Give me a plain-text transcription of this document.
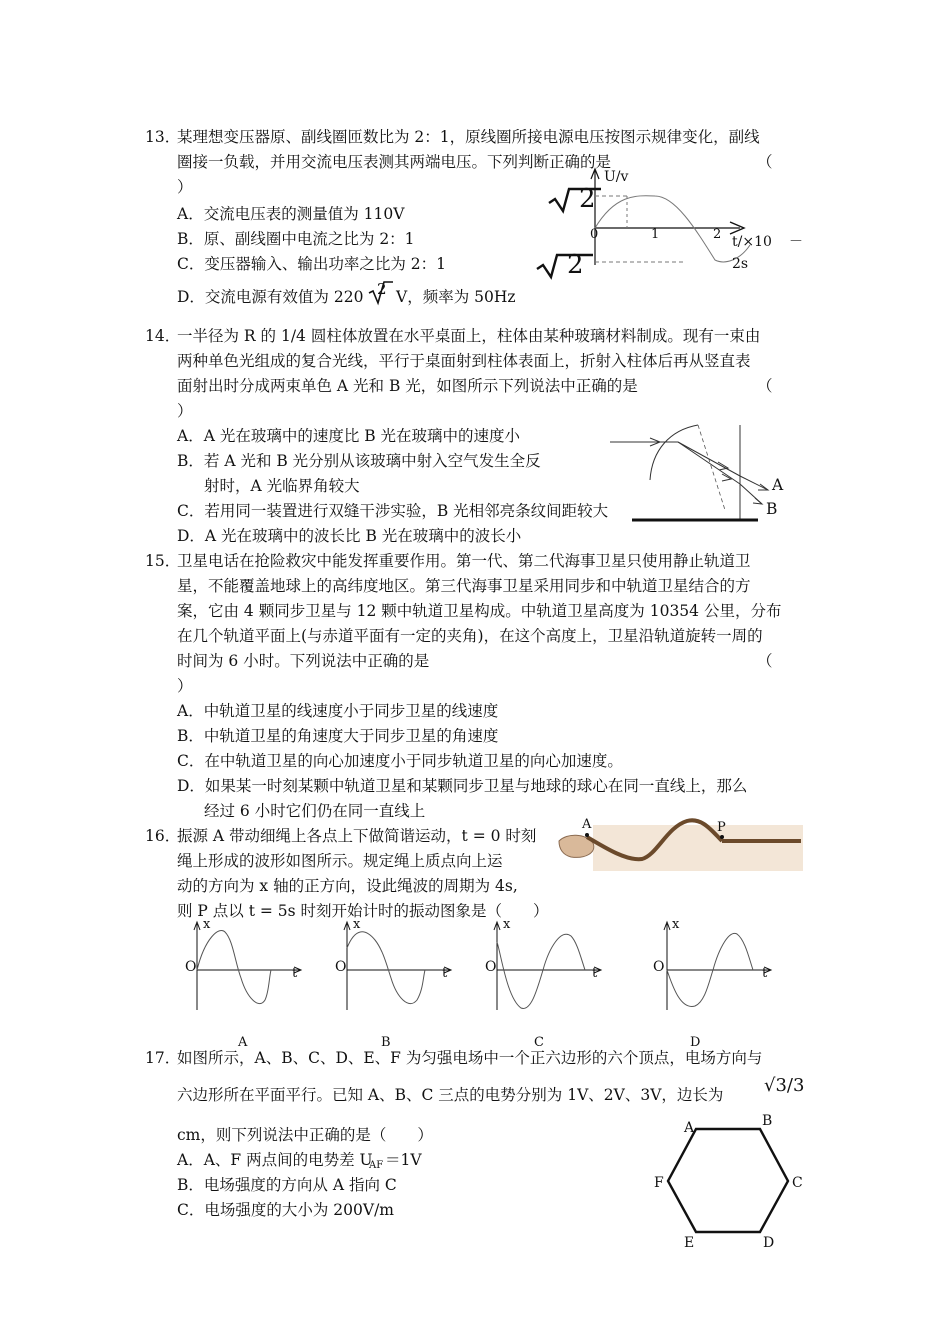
13．
某理想变压器原、副线圈匝数比为 2：1，原线圈所接电源电压按图示规律变化，副线
圈接一负载，并用交流电压表测其两端电压。下列判断正确的是	（
）
A．交流电压表的测量值为 110V
B．原、副线圈中电流之比为 2：1
C．变压器输入、输出功率之比为 2：1
D．交流电源有效值为 220 2 V，频率为 50Hz
2
2
U/v
0	1	2 t/×10 －
2s
14．
一半径为 R 的 1/4 圆柱体放置在水平桌面上，柱体由某种玻璃材料制成。现有一束由
两种单色光组成的复合光线，平行于桌面射到柱体表面上，折射入柱体后再从竖直表
面射出时分成两束单色 A 光和 B 光，如图所示下列说法中正确的是	（
）
A．A 光在玻璃中的速度比 B 光在玻璃中的速度小
B．若 A 光和 B 光分别从该玻璃中射入空气发生全反
射时，A 光临界角较大
C．若用同一装置进行双缝干涉实验，B 光相邻亮条纹间距较大
D．A 光在玻璃中的波长比 B 光在玻璃中的波长小
A
B
15．
卫星电话在抢险救灾中能发挥重要作用。第一代、第二代海事卫星只使用静止轨道卫
星，不能覆盖地球上的高纬度地区。第三代海事卫星采用同步和中轨道卫星结合的方
案，它由 4 颗同步卫星与 12 颗中轨道卫星构成。中轨道卫星高度为 10354 公里，分布
在几个轨道平面上(与赤道平面有一定的夹角)，在这个高度上，卫星沿轨道旋转一周的
时间为 6 小时。下列说法中正确的是	（
）
A．中轨道卫星的线速度小于同步卫星的线速度
B．中轨道卫星的角速度大于同步卫星的角速度
C．在中轨道卫星的向心加速度小于同步轨道卫星的向心加速度。
D．如果某一时刻某颗中轨道卫星和某颗同步卫星与地球的球心在同一直线上，那么
经过 6 小时它们仍在同一直线上
16．
振源 A 带动细绳上各点上下做简谐运动，t = 0 时刻
绳上形成的波形如图所示。规定绳上质点向上运
动的方向为 x 轴的正方向，设此绳波的周期为 4s,
则 P 点以 t = 5s 时刻开始计时的振动图象是（　　）
A	P
x
O	t
A
x
O	t
B
x
O	t
C
x
O	t
D
17．
如图所示，A、B、C、D、E、F 为匀强电场中一个正六边形的六个顶点，电场方向与
六边形所在平面平行。已知 A、B、C 三点的电势分别为 1V、2V、3V，边长为 √3/3
cm，则下列说法中正确的是（　　）
A．A、F 两点间的电势差 U
AF ＝1V
B．电场强度的方向从 A 指向 C
C．电场强度的大小为 200V/m
A	B
C
D
E
F
